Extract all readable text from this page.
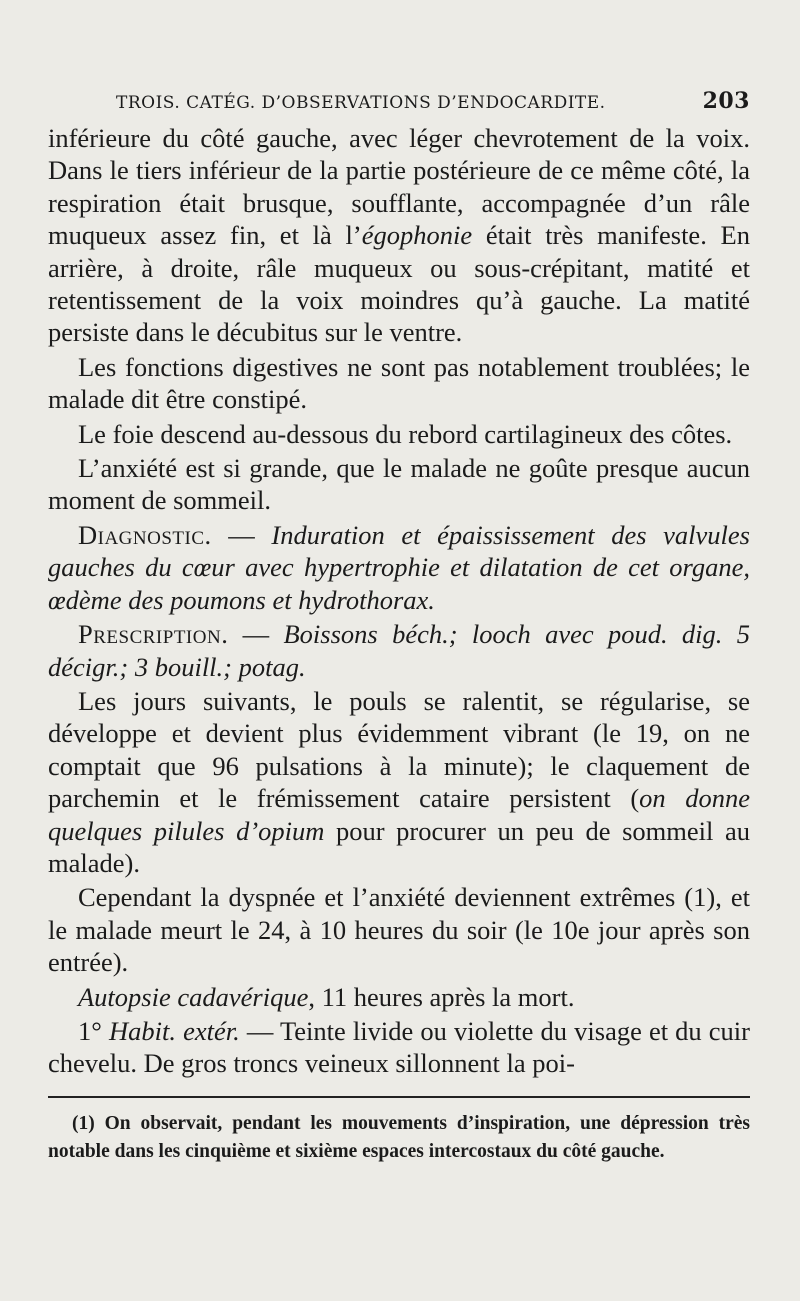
TROIS. CATÉG. D’OBSERVATIONS D’ENDOCARDITE.	203

inférieure du côté gauche, avec léger chevrotement de la voix. Dans le tiers inférieur de la partie postérieure de ce même côté, la respiration était brusque, soufflante, accompagnée d’un râle muqueux assez fin, et là l’égophonie était très manifeste. En arrière, à droite, râle muqueux ou sous-crépitant, matité et retentissement de la voix moindres qu’à gauche. La matité persiste dans le décubitus sur le ventre.

Les fonctions digestives ne sont pas notablement troublées; le malade dit être constipé.

Le foie descend au-dessous du rebord cartilagineux des côtes.

L’anxiété est si grande, que le malade ne goûte presque aucun moment de sommeil.

Diagnostic. — Induration et épaississement des valvules gauches du cœur avec hypertrophie et dilatation de cet organe, œdème des poumons et hydrothorax.

Prescription. — Boissons béch.; looch avec poud. dig. 5 décigr.; 3 bouill.; potag.

Les jours suivants, le pouls se ralentit, se régularise, se développe et devient plus évidemment vibrant (le 19, on ne comptait que 96 pulsations à la minute); le claquement de parchemin et le frémissement cataire persistent (on donne quelques pilules d’opium pour procurer un peu de sommeil au malade).

Cependant la dyspnée et l’anxiété deviennent extrêmes (1), et le malade meurt le 24, à 10 heures du soir (le 10e jour après son entrée).

Autopsie cadavérique, 11 heures après la mort.

1° Habit. extér. — Teinte livide ou violette du visage et du cuir chevelu. De gros troncs veineux sillonnent la poi-

(1) On observait, pendant les mouvements d’inspiration, une dépression très notable dans les cinquième et sixième espaces intercostaux du côté gauche.
